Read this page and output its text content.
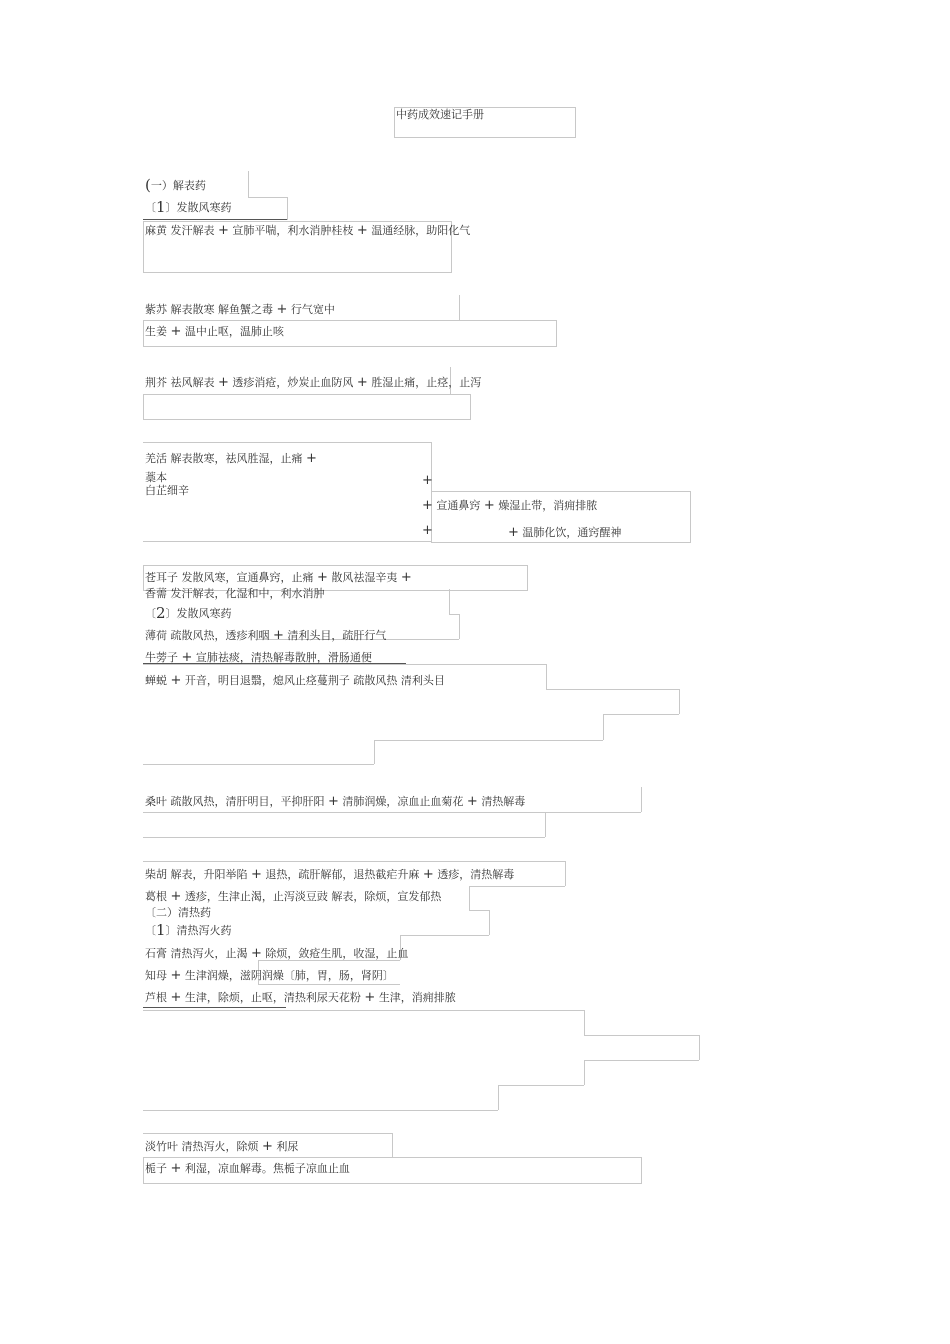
中药成效速记手册
(一）解表药
〔1〕发散风寒药
麻黄 发汗解表 + 宣肺平喘，利水消肿桂枝 + 温通经脉，助阳化气
紫苏 解表散寒 解鱼蟹之毒 + 行气宽中
生姜 + 温中止呕，温肺止咳
荆芥 祛风解表 + 透疹消疮，炒炭止血防风 + 胜湿止痛，止痉，止泻
羌活 解表散寒，祛风胜湿，止痛 +
藁本
白芷细辛
+
+ 宣通鼻窍 + 燥湿止带，消痈排脓
+	+ 温肺化饮，通窍醒神
苍耳子 发散风寒，宣通鼻窍，止痛 + 散风祛湿辛夷 +
香薷 发汗解表，化湿和中，利水消肿
〔2〕发散风寒药
薄荷 疏散风热，透疹利咽 + 清利头目，疏肝行气
牛蒡子 + 宣肺祛痰，清热解毒散肿，滑肠通便
蝉蜕 + 开音，明目退翳，熄风止痉蔓荆子 疏散风热 清利头目
桑叶 疏散风热，清肝明目，平抑肝阳 + 清肺润燥，凉血止血菊花 + 清热解毒
柴胡 解表，升阳举陷 + 退热，疏肝解郁，退热截疟升麻 + 透疹，清热解毒
葛根 + 透疹，生津止渴，止泻淡豆豉 解表，除烦，宣发郁热
〔二）清热药
〔1〕清热泻火药
石膏 清热泻火，止渴 + 除烦，敛疮生肌，收湿，止血
知母 + 生津润燥，滋阴润燥〔肺，胃，肠，肾阴〕
芦根 + 生津，除烦，止呕，清热利尿天花粉 + 生津，消痈排脓
淡竹叶 清热泻火，除烦 + 利尿
栀子 + 利湿，凉血解毒。焦栀子凉血止血
